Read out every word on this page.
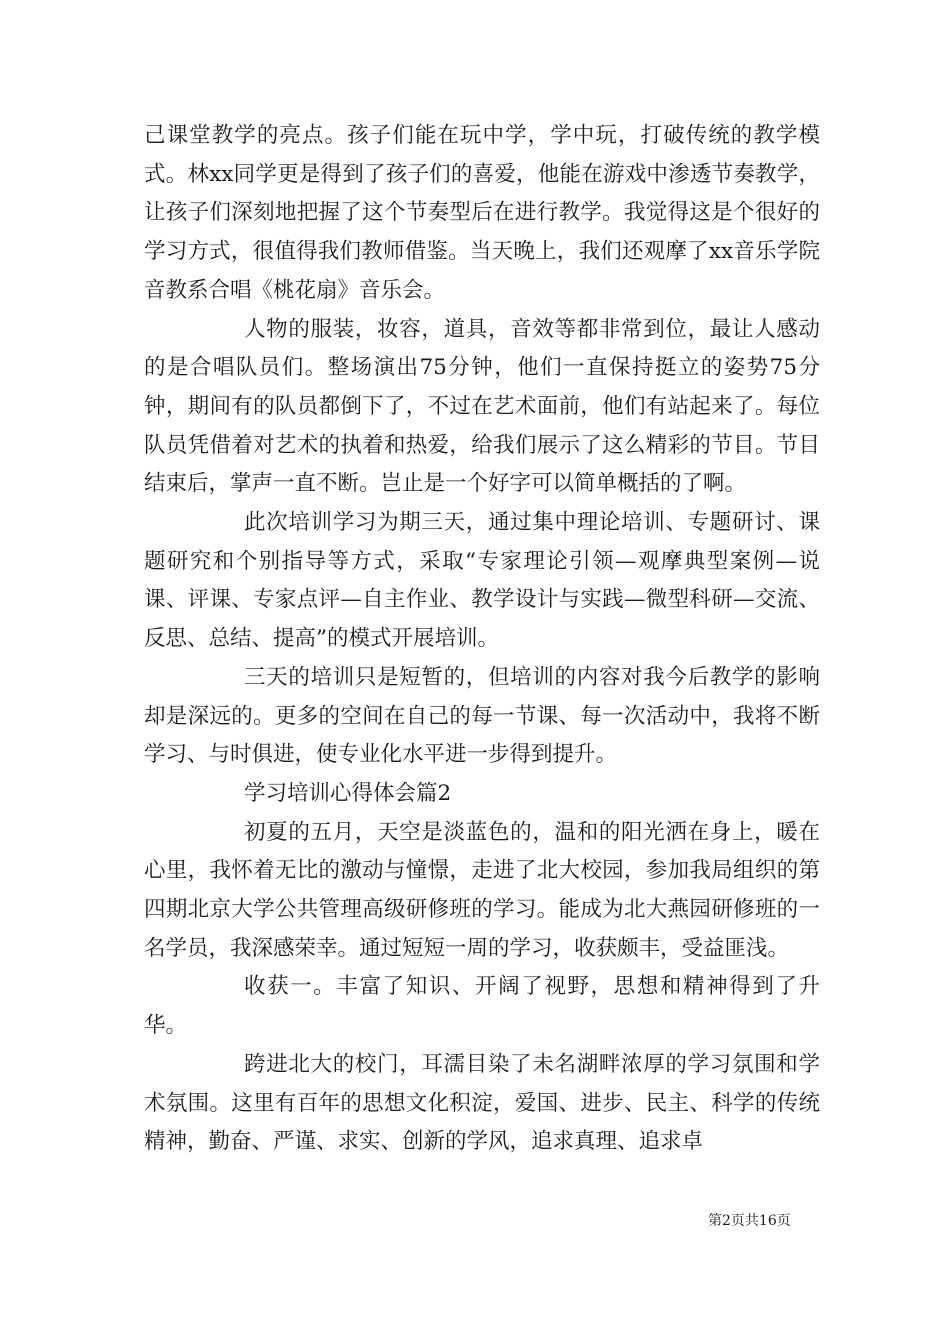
己课堂教学的亮点。孩子们能在玩中学，学中玩，打破传统的教学模式。林xx同学更是得到了孩子们的喜爱，他能在游戏中渗透节奏教学，让孩子们深刻地把握了这个节奏型后在进行教学。我觉得这是个很好的学习方式，很值得我们教师借鉴。当天晚上，我们还观摩了xx音乐学院音教系合唱《桃花扇》音乐会。

人物的服装，妆容，道具，音效等都非常到位，最让人感动的是合唱队员们。整场演出75分钟，他们一直保持挺立的姿势75分钟，期间有的队员都倒下了，不过在艺术面前，他们有站起来了。每位队员凭借着对艺术的执着和热爱，给我们展示了这么精彩的节目。节目结束后，掌声一直不断。岂止是一个好字可以简单概括的了啊。

此次培训学习为期三天，通过集中理论培训、专题研讨、课题研究和个别指导等方式，采取“专家理论引领—观摩典型案例—说课、评课、专家点评—自主作业、教学设计与实践—微型科研—交流、反思、总结、提高”的模式开展培训。

三天的培训只是短暂的，但培训的内容对我今后教学的影响却是深远的。更多的空间在自己的每一节课、每一次活动中，我将不断学习、与时俱进，使专业化水平进一步得到提升。

学习培训心得体会篇2

初夏的五月，天空是淡蓝色的，温和的阳光洒在身上，暖在心里，我怀着无比的激动与憧憬，走进了北大校园，参加我局组织的第四期北京大学公共管理高级研修班的学习。能成为北大燕园研修班的一名学员，我深感荣幸。通过短短一周的学习，收获颇丰，受益匪浅。

收获一。丰富了知识、开阔了视野，思想和精神得到了升华。

跨进北大的校门，耳濡目染了未名湖畔浓厚的学习氛围和学术氛围。这里有百年的思想文化积淀，爱国、进步、民主、科学的传统精神，勤奋、严谨、求实、创新的学风，追求真理、追求卓

第2页共16页
